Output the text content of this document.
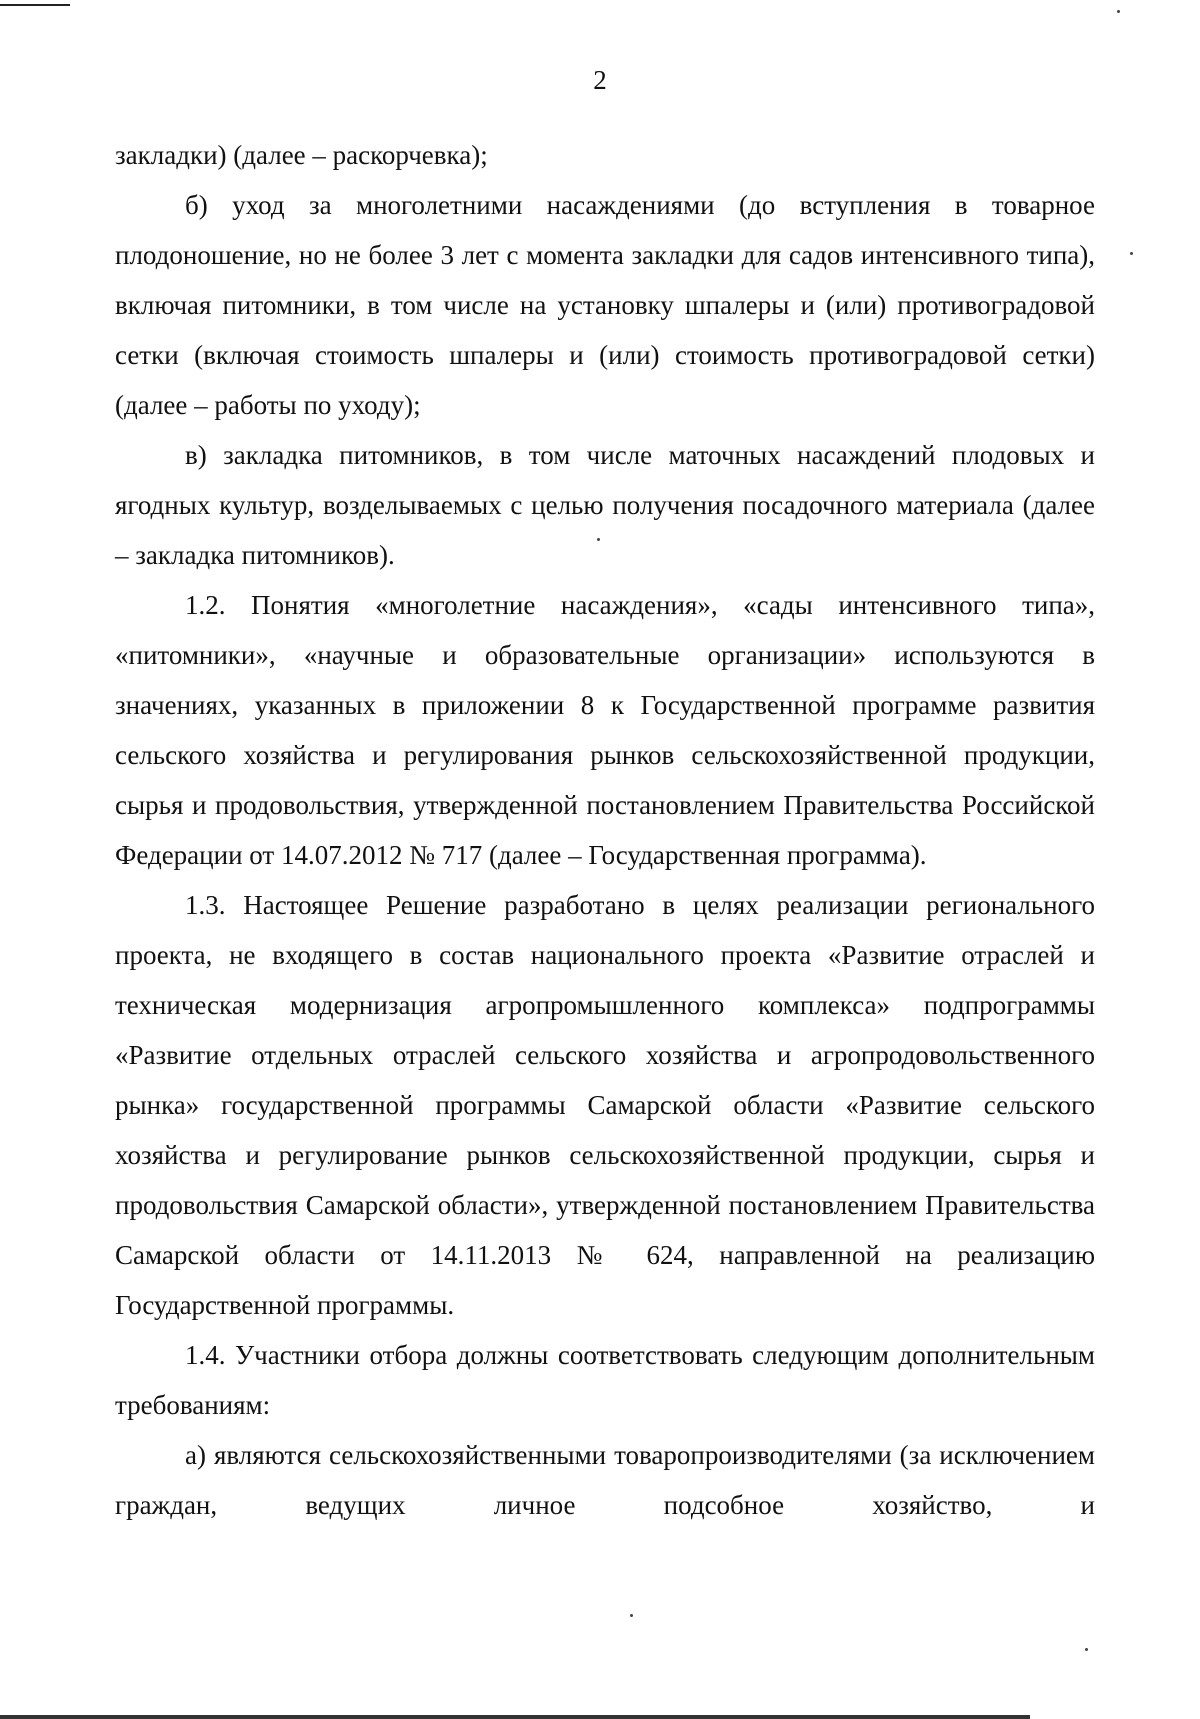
2

закладки) (далее – раскорчевка);

б) уход за многолетними насаждениями (до вступления в товарное плодоношение, но не более 3 лет с момента закладки для садов интенсивного типа), включая питомники, в том числе на установку шпалеры и (или) противоградовой сетки (включая стоимость шпалеры и (или) стоимость противоградовой сетки) (далее – работы по уходу);

в) закладка питомников, в том числе маточных насаждений плодовых и ягодных культур, возделываемых с целью получения посадочного материала (далее – закладка питомников).

1.2. Понятия «многолетние насаждения», «сады интенсивного типа», «питомники», «научные и образовательные организации» используются в значениях, указанных в приложении 8 к Государственной программе развития сельского хозяйства и регулирования рынков сельскохозяйственной продукции, сырья и продовольствия, утвержденной постановлением Правительства Российской Федерации от 14.07.2012 № 717 (далее – Государственная программа).

1.3. Настоящее Решение разработано в целях реализации регионального проекта, не входящего в состав национального проекта «Развитие отраслей и техническая модернизация агропромышленного комплекса» подпрограммы «Развитие отдельных отраслей сельского хозяйства и агропродовольственного рынка» государственной программы Самарской области «Развитие сельского хозяйства и регулирование рынков сельскохозяйственной продукции, сырья и продовольствия Самарской области», утвержденной постановлением Правительства Самарской области от 14.11.2013 № 624, направленной на реализацию Государственной программы.

1.4. Участники отбора должны соответствовать следующим дополнительным требованиям:

а) являются сельскохозяйственными товаропроизводителями (за исключением граждан, ведущих личное подсобное хозяйство, и
